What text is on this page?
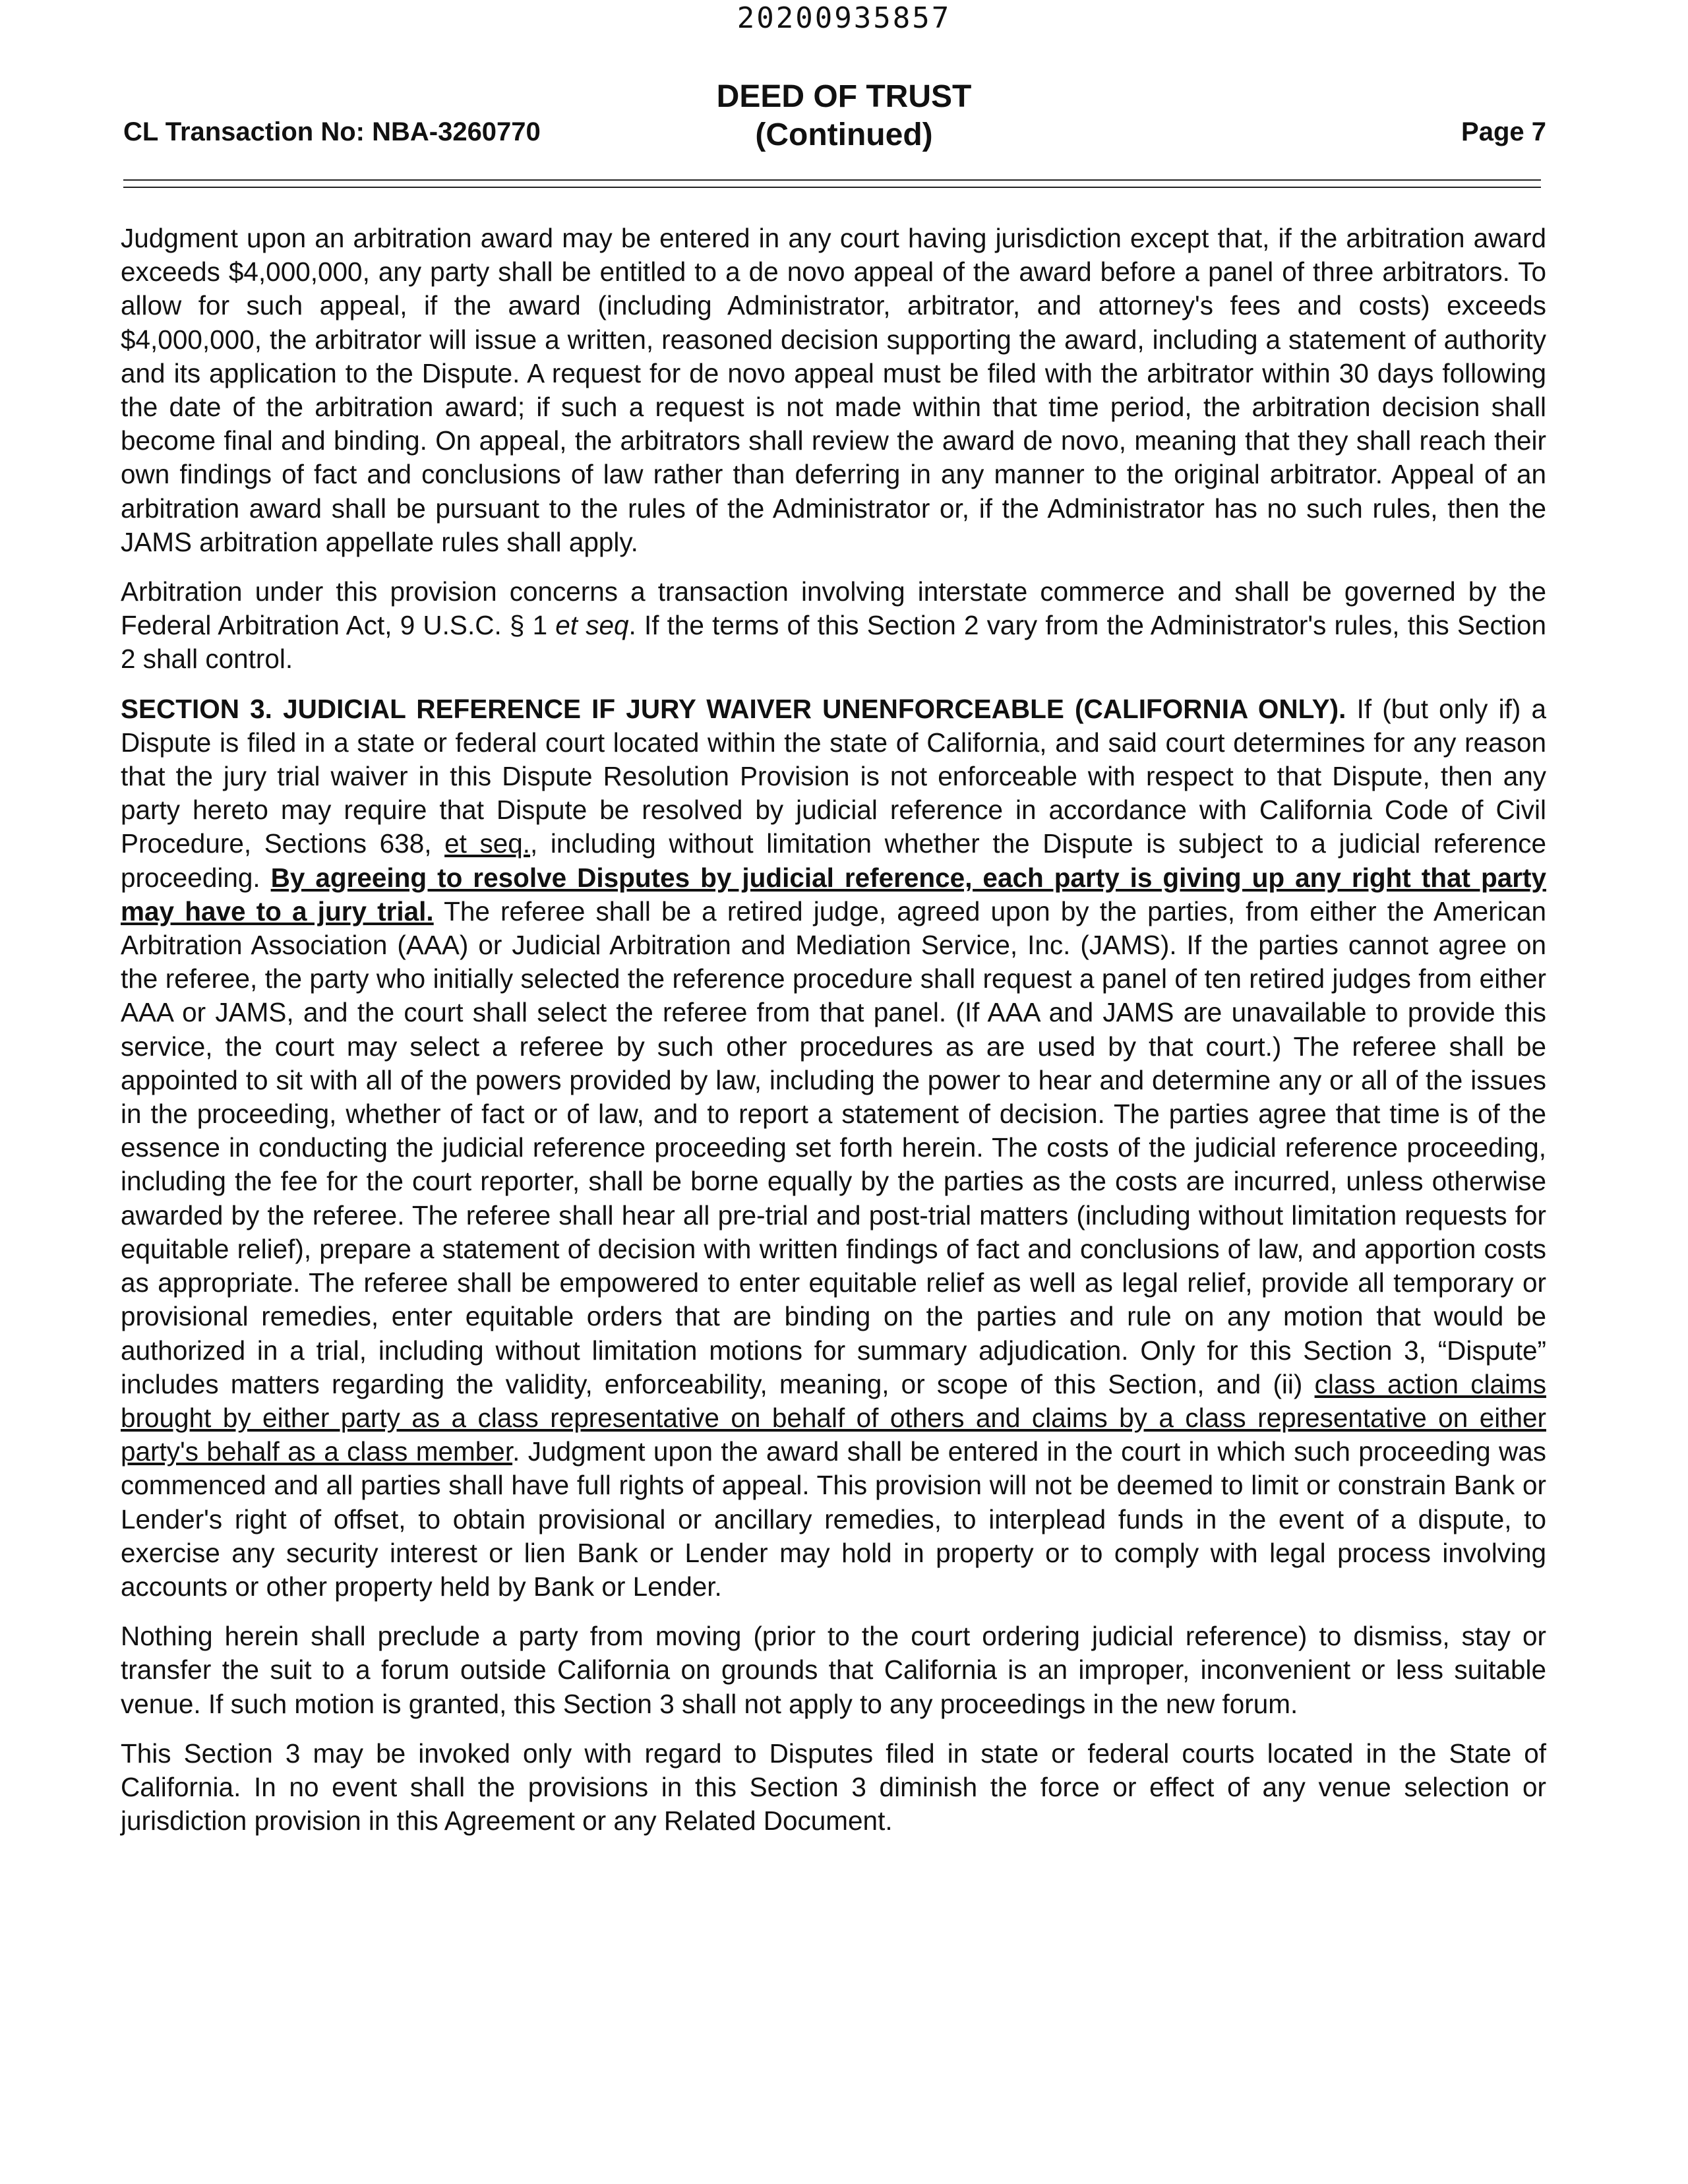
20200935857
DEED OF TRUST
(Continued)
CL Transaction No: NBA-3260770	Page 7

Judgment upon an arbitration award may be entered in any court having jurisdiction except that, if the arbitration award exceeds $4,000,000, any party shall be entitled to a de novo appeal of the award before a panel of three arbitrators. To allow for such appeal, if the award (including Administrator, arbitrator, and attorney's fees and costs) exceeds $4,000,000, the arbitrator will issue a written, reasoned decision supporting the award, including a statement of authority and its application to the Dispute. A request for de novo appeal must be filed with the arbitrator within 30 days following the date of the arbitration award; if such a request is not made within that time period, the arbitration decision shall become final and binding. On appeal, the arbitrators shall review the award de novo, meaning that they shall reach their own findings of fact and conclusions of law rather than deferring in any manner to the original arbitrator. Appeal of an arbitration award shall be pursuant to the rules of the Administrator or, if the Administrator has no such rules, then the JAMS arbitration appellate rules shall apply.

Arbitration under this provision concerns a transaction involving interstate commerce and shall be governed by the Federal Arbitration Act, 9 U.S.C. § 1 et seq. If the terms of this Section 2 vary from the Administrator's rules, this Section 2 shall control.

SECTION 3. JUDICIAL REFERENCE IF JURY WAIVER UNENFORCEABLE (CALIFORNIA ONLY). If (but only if) a Dispute is filed in a state or federal court located within the state of California, and said court determines for any reason that the jury trial waiver in this Dispute Resolution Provision is not enforceable with respect to that Dispute, then any party hereto may require that Dispute be resolved by judicial reference in accordance with California Code of Civil Procedure, Sections 638, et seq., including without limitation whether the Dispute is subject to a judicial reference proceeding. By agreeing to resolve Disputes by judicial reference, each party is giving up any right that party may have to a jury trial. The referee shall be a retired judge, agreed upon by the parties, from either the American Arbitration Association (AAA) or Judicial Arbitration and Mediation Service, Inc. (JAMS). If the parties cannot agree on the referee, the party who initially selected the reference procedure shall request a panel of ten retired judges from either AAA or JAMS, and the court shall select the referee from that panel. (If AAA and JAMS are unavailable to provide this service, the court may select a referee by such other procedures as are used by that court.) The referee shall be appointed to sit with all of the powers provided by law, including the power to hear and determine any or all of the issues in the proceeding, whether of fact or of law, and to report a statement of decision. The parties agree that time is of the essence in conducting the judicial reference proceeding set forth herein. The costs of the judicial reference proceeding, including the fee for the court reporter, shall be borne equally by the parties as the costs are incurred, unless otherwise awarded by the referee. The referee shall hear all pre-trial and post-trial matters (including without limitation requests for equitable relief), prepare a statement of decision with written findings of fact and conclusions of law, and apportion costs as appropriate. The referee shall be empowered to enter equitable relief as well as legal relief, provide all temporary or provisional remedies, enter equitable orders that are binding on the parties and rule on any motion that would be authorized in a trial, including without limitation motions for summary adjudication. Only for this Section 3, “Dispute” includes matters regarding the validity, enforceability, meaning, or scope of this Section, and (ii) class action claims brought by either party as a class representative on behalf of others and claims by a class representative on either party's behalf as a class member. Judgment upon the award shall be entered in the court in which such proceeding was commenced and all parties shall have full rights of appeal. This provision will not be deemed to limit or constrain Bank or Lender's right of offset, to obtain provisional or ancillary remedies, to interplead funds in the event of a dispute, to exercise any security interest or lien Bank or Lender may hold in property or to comply with legal process involving accounts or other property held by Bank or Lender.

Nothing herein shall preclude a party from moving (prior to the court ordering judicial reference) to dismiss, stay or transfer the suit to a forum outside California on grounds that California is an improper, inconvenient or less suitable venue. If such motion is granted, this Section 3 shall not apply to any proceedings in the new forum.

This Section 3 may be invoked only with regard to Disputes filed in state or federal courts located in the State of California. In no event shall the provisions in this Section 3 diminish the force or effect of any venue selection or jurisdiction provision in this Agreement or any Related Document.
